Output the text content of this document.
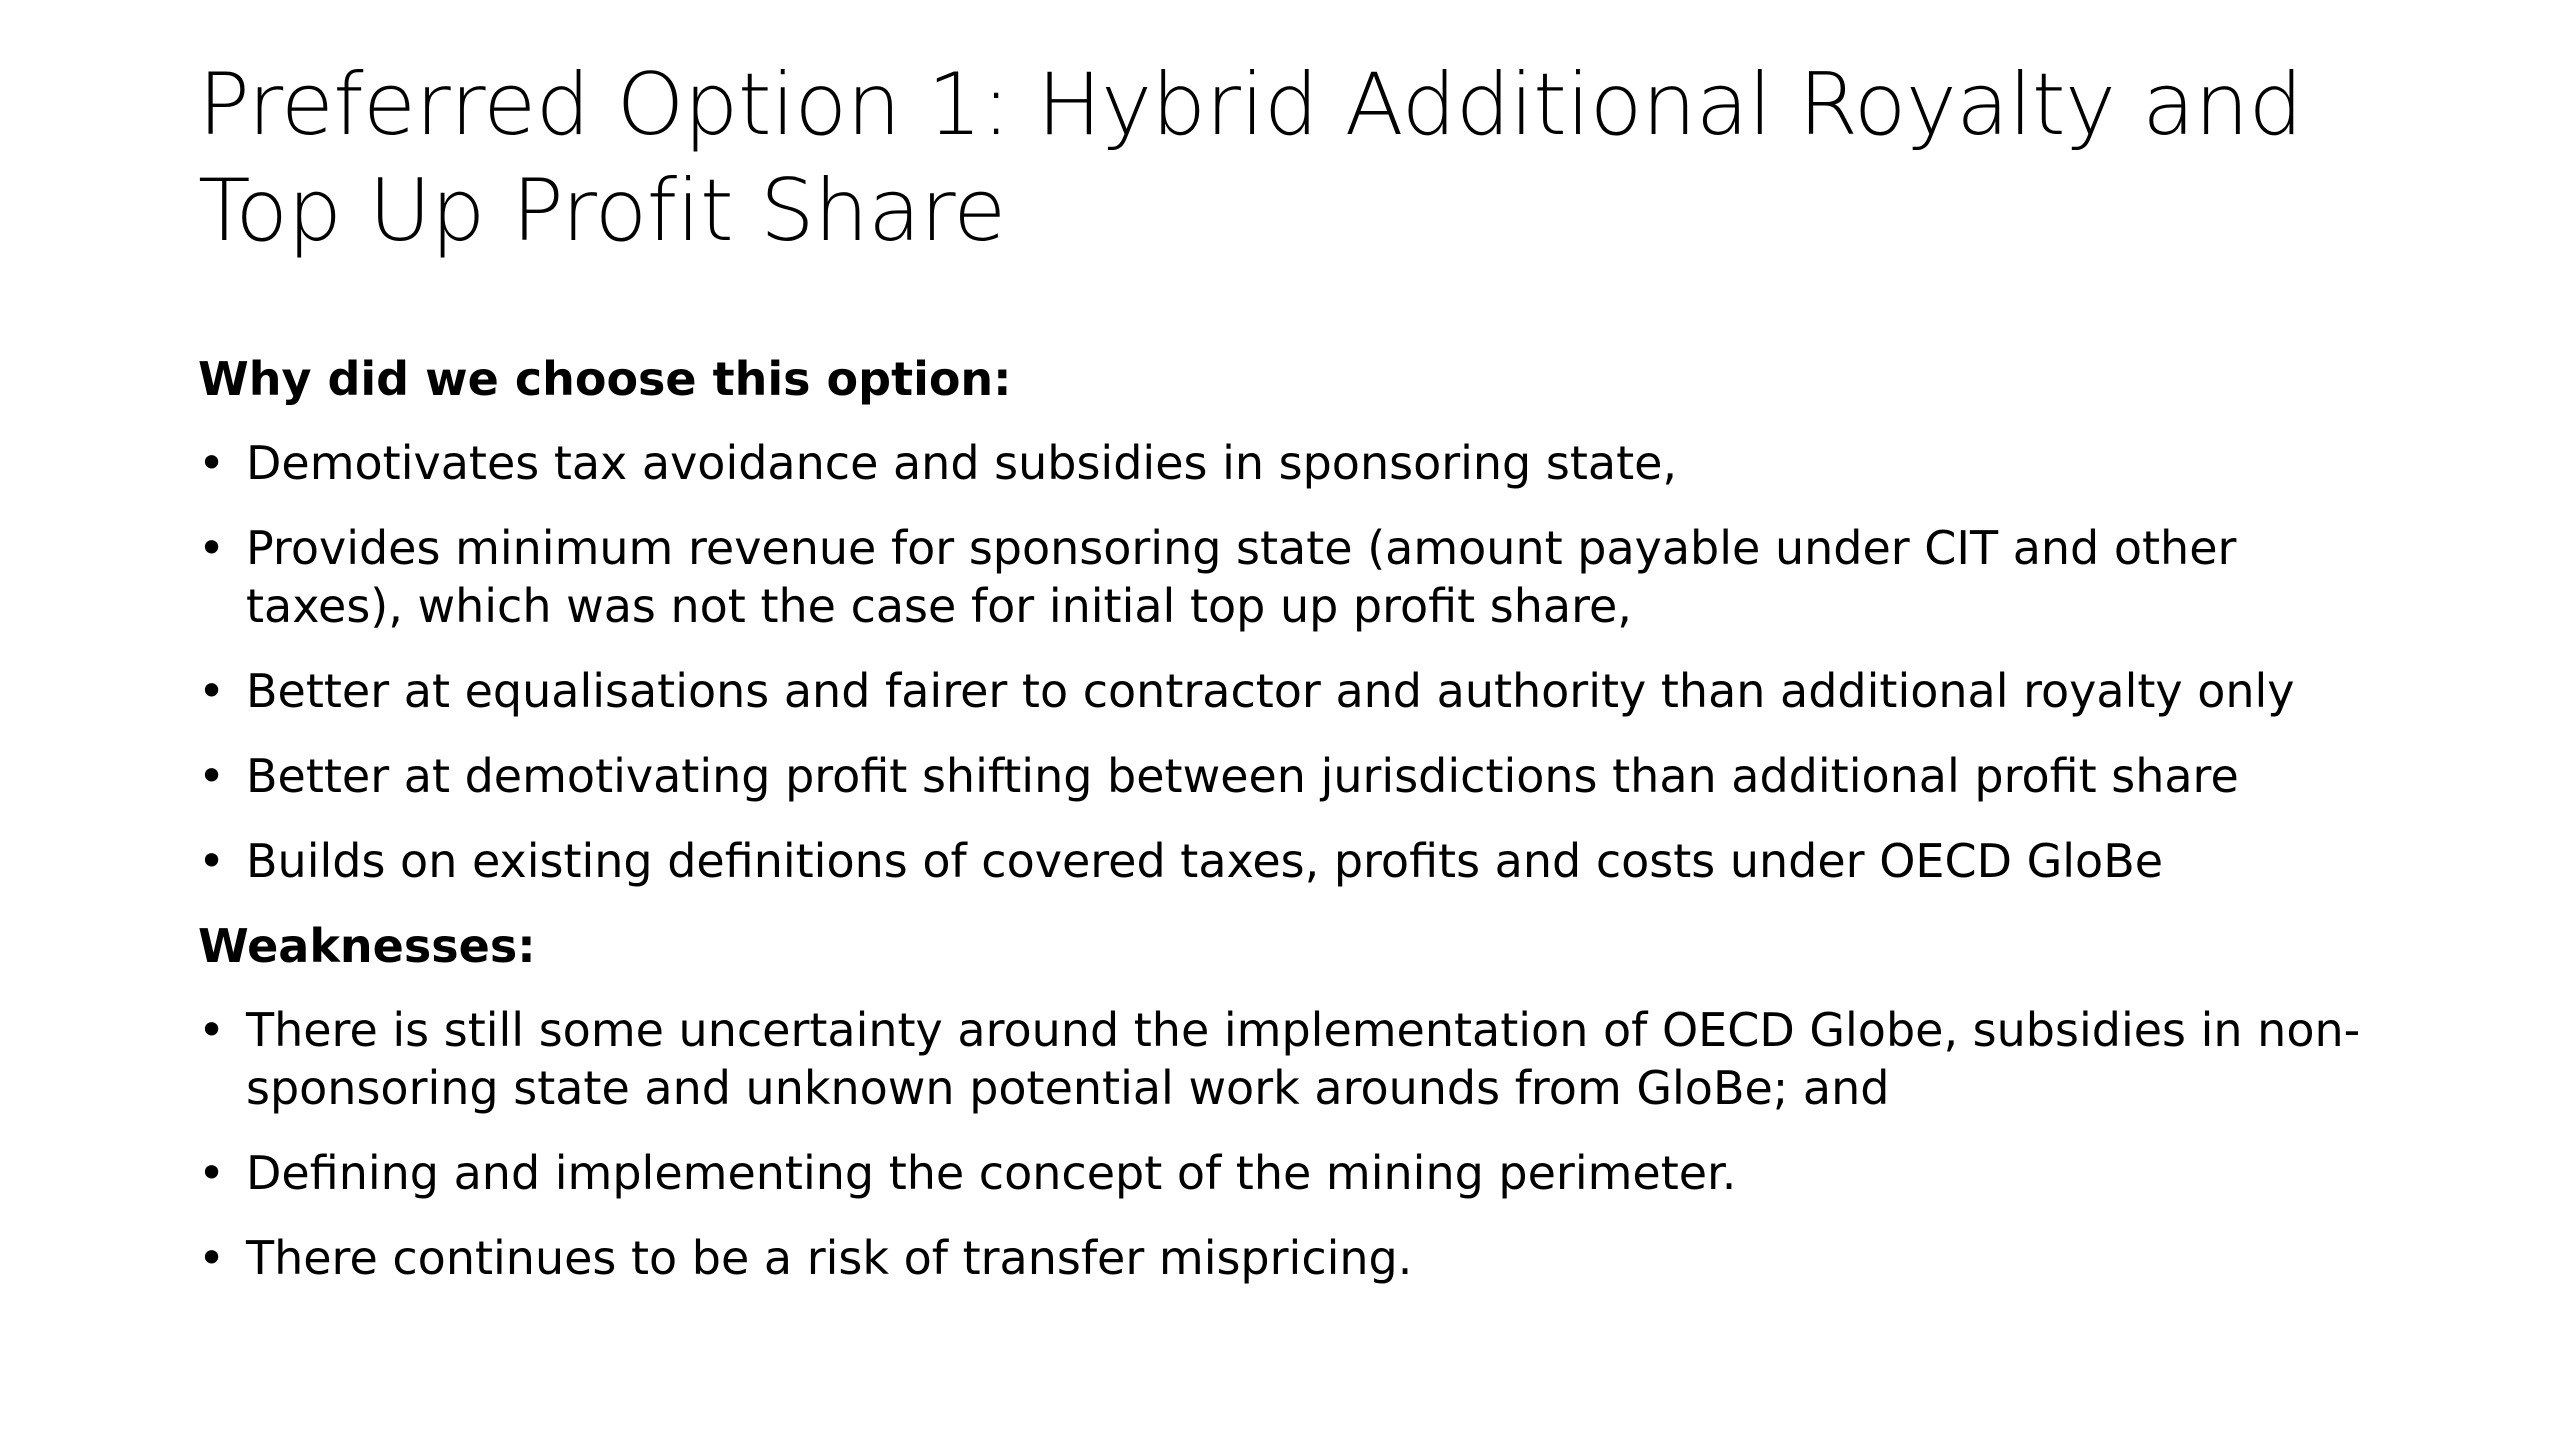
Preferred Option 1: Hybrid Additional Royalty and Top Up Profit Share
Why did we choose this option:
• Demotivates tax avoidance and subsidies in sponsoring state,
• Provides minimum revenue for sponsoring state (amount payable under CIT and other taxes), which was not the case for initial top up profit share,
• Better at equalisations and fairer to contractor and authority than additional royalty only
• Better at demotivating profit shifting between jurisdictions than additional profit share
• Builds on existing definitions of covered taxes, profits and costs under OECD GloBe
Weaknesses:
• There is still some uncertainty around the implementation of OECD Globe, subsidies in non-sponsoring state and unknown potential work arounds from GloBe; and
• Defining and implementing the concept of the mining perimeter.
• There continues to be a risk of transfer mispricing.
